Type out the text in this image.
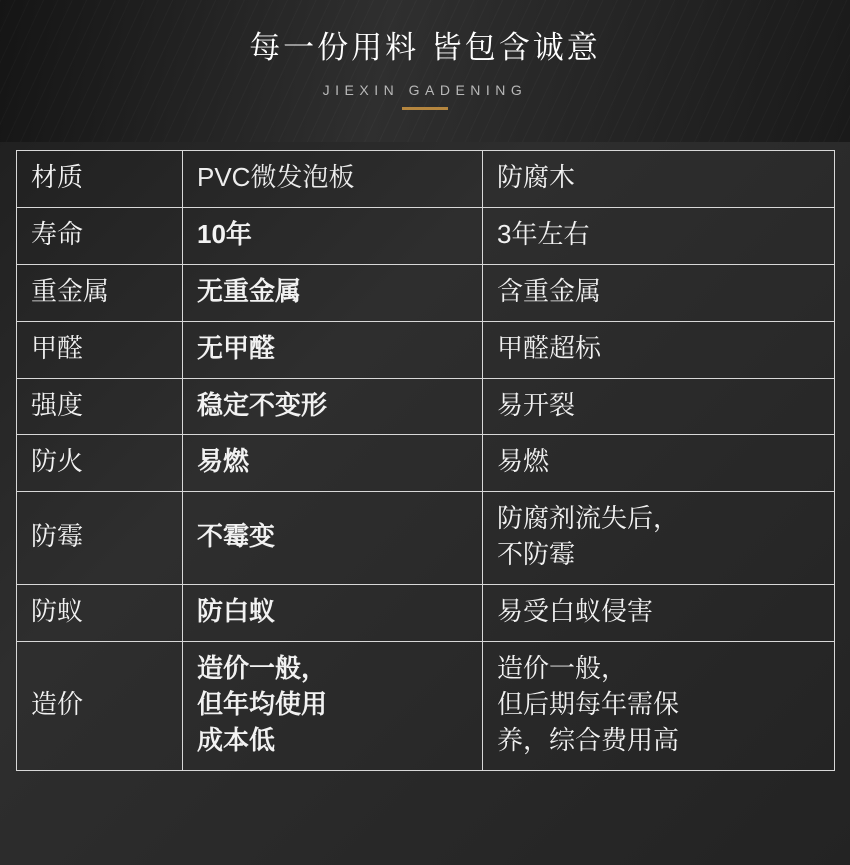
每一份用料 皆包含诚意
JIEXIN GADENING
材质	PVC微发泡板	防腐木

寿命	10年	3年左右

重金属	无重金属	含重金属

甲醛	无甲醛	甲醛超标

强度	稳定不变形	易开裂

防火	易燃	易燃

防霉	不霉变	防腐剂流失后，
不防霉

防蚁	防白蚁	易受白蚁侵害

造价	造价一般，
但年均使用
成本低	造价一般，
但后期每年需保
养，综合费用高
